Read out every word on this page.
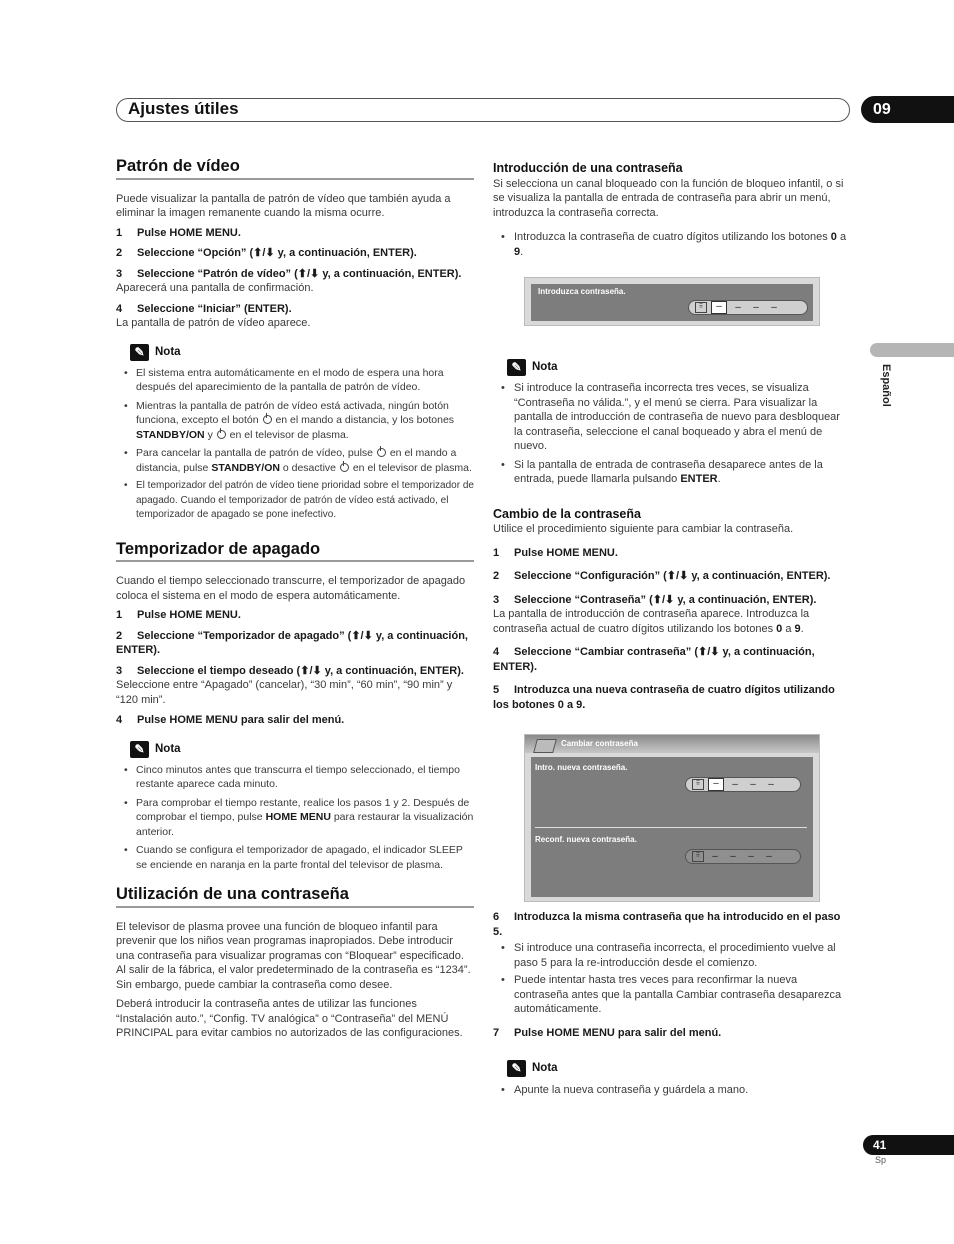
Ajustes útiles	09
Español
Patrón de vídeo

Puede visualizar la pantalla de patrón de vídeo que también ayuda a eliminar la imagen remanente cuando la misma ocurre.

1 Pulse HOME MENU.

2 Seleccione “Opción” (⬆/⬇ y, a continuación, ENTER).

3 Seleccione “Patrón de vídeo” (⬆/⬇ y, a continuación, ENTER).

Aparecerá una pantalla de confirmación.

4 Seleccione “Iniciar” (ENTER).

La pantalla de patrón de vídeo aparece.

✎ Nota

• El sistema entra automáticamente en el modo de espera una hora después del aparecimiento de la pantalla de patrón de vídeo.

• Mientras la pantalla de patrón de vídeo está activada, ningún botón funciona, excepto el botón en el mando a distancia, y los botones STANDBY/ON y en el televisor de plasma.

• Para cancelar la pantalla de patrón de vídeo, pulse en el mando a distancia, pulse STANDBY/ON o desactive en el televisor de plasma.

• El temporizador del patrón de vídeo tiene prioridad sobre el temporizador de apagado. Cuando el temporizador de patrón de vídeo está activado, el temporizador de apagado se pone inefectivo.

Temporizador de apagado

Cuando el tiempo seleccionado transcurre, el temporizador de apagado coloca el sistema en el modo de espera automáticamente.

1 Pulse HOME MENU.

2 Seleccione “Temporizador de apagado” (⬆/⬇ y, a continuación, ENTER).

3 Seleccione el tiempo deseado (⬆/⬇ y, a continuación, ENTER).

Seleccione entre “Apagado” (cancelar), “30 min”, “60 min”, “90 min” y “120 min”.

4 Pulse HOME MENU para salir del menú.

✎ Nota

• Cinco minutos antes que transcurra el tiempo seleccionado, el tiempo restante aparece cada minuto.

• Para comprobar el tiempo restante, realice los pasos 1 y 2. Después de comprobar el tiempo, pulse HOME MENU para restaurar la visualización anterior.

• Cuando se configura el temporizador de apagado, el indicador SLEEP se enciende en naranja en la parte frontal del televisor de plasma.

Utilización de una contraseña

El televisor de plasma provee una función de bloqueo infantil para prevenir que los niños vean programas inapropiados. Debe introducir una contraseña para visualizar programas con “Bloquear” especificado. Al salir de la fábrica, el valor predeterminado de la contraseña es “1234”. Sin embargo, puede cambiar la contraseña como desee.

Deberá introducir la contraseña antes de utilizar las funciones “Instalación auto.”, “Config. TV analógica” o “Contraseña” del MENÚ PRINCIPAL para evitar cambios no autorizados de las configuraciones.

Introducción de una contraseña

Si selecciona un canal bloqueado con la función de bloqueo infantil, o si se visualiza la pantalla de entrada de contraseña para abrir un menú, introduzca la contraseña correcta.

• Introduzca la contraseña de cuatro dígitos utilizando los botones 0 a 9.

✎ Nota

• Si introduce la contraseña incorrecta tres veces, se visualiza “Contraseña no válida.”, y el menú se cierra. Para visualizar la pantalla de introducción de contraseña de nuevo para desbloquear la contraseña, seleccione el canal boqueado y abra el menú de nuevo.

• Si la pantalla de entrada de contraseña desaparece antes de la entrada, puede llamarla pulsando ENTER.

Cambio de la contraseña

Utilice el procedimiento siguiente para cambiar la contraseña.

1 Pulse HOME MENU.

2 Seleccione “Configuración” (⬆/⬇ y, a continuación, ENTER).

3 Seleccione “Contraseña” (⬆/⬇ y, a continuación, ENTER).

La pantalla de introducción de contraseña aparece. Introduzca la contraseña actual de cuatro dígitos utilizando los botones 0 a 9.

4 Seleccione “Cambiar contraseña” (⬆/⬇ y, a continuación, ENTER).

5 Introduzca una nueva contraseña de cuatro dígitos utilizando los botones 0 a 9.

6 Introduzca la misma contraseña que ha introducido en el paso 5.

• Si introduce una contraseña incorrecta, el procedimiento vuelve al paso 5 para la re-introducción desde el comienzo.

• Puede intentar hasta tres veces para reconfirmar la nueva contraseña antes que la pantalla Cambiar contraseña desaparezca automáticamente.

7 Pulse HOME MENU para salir del menú.

✎ Nota

• Apunte la nueva contraseña y guárdela a mano.

Introduzca contraseña.
⠿	–	–	–	–
Cambiar contraseña
Intro. nueva contraseña.
⠿	–	–	–	–
Reconf. nueva contraseña.
⠿	–	–	–	–
41
Sp
